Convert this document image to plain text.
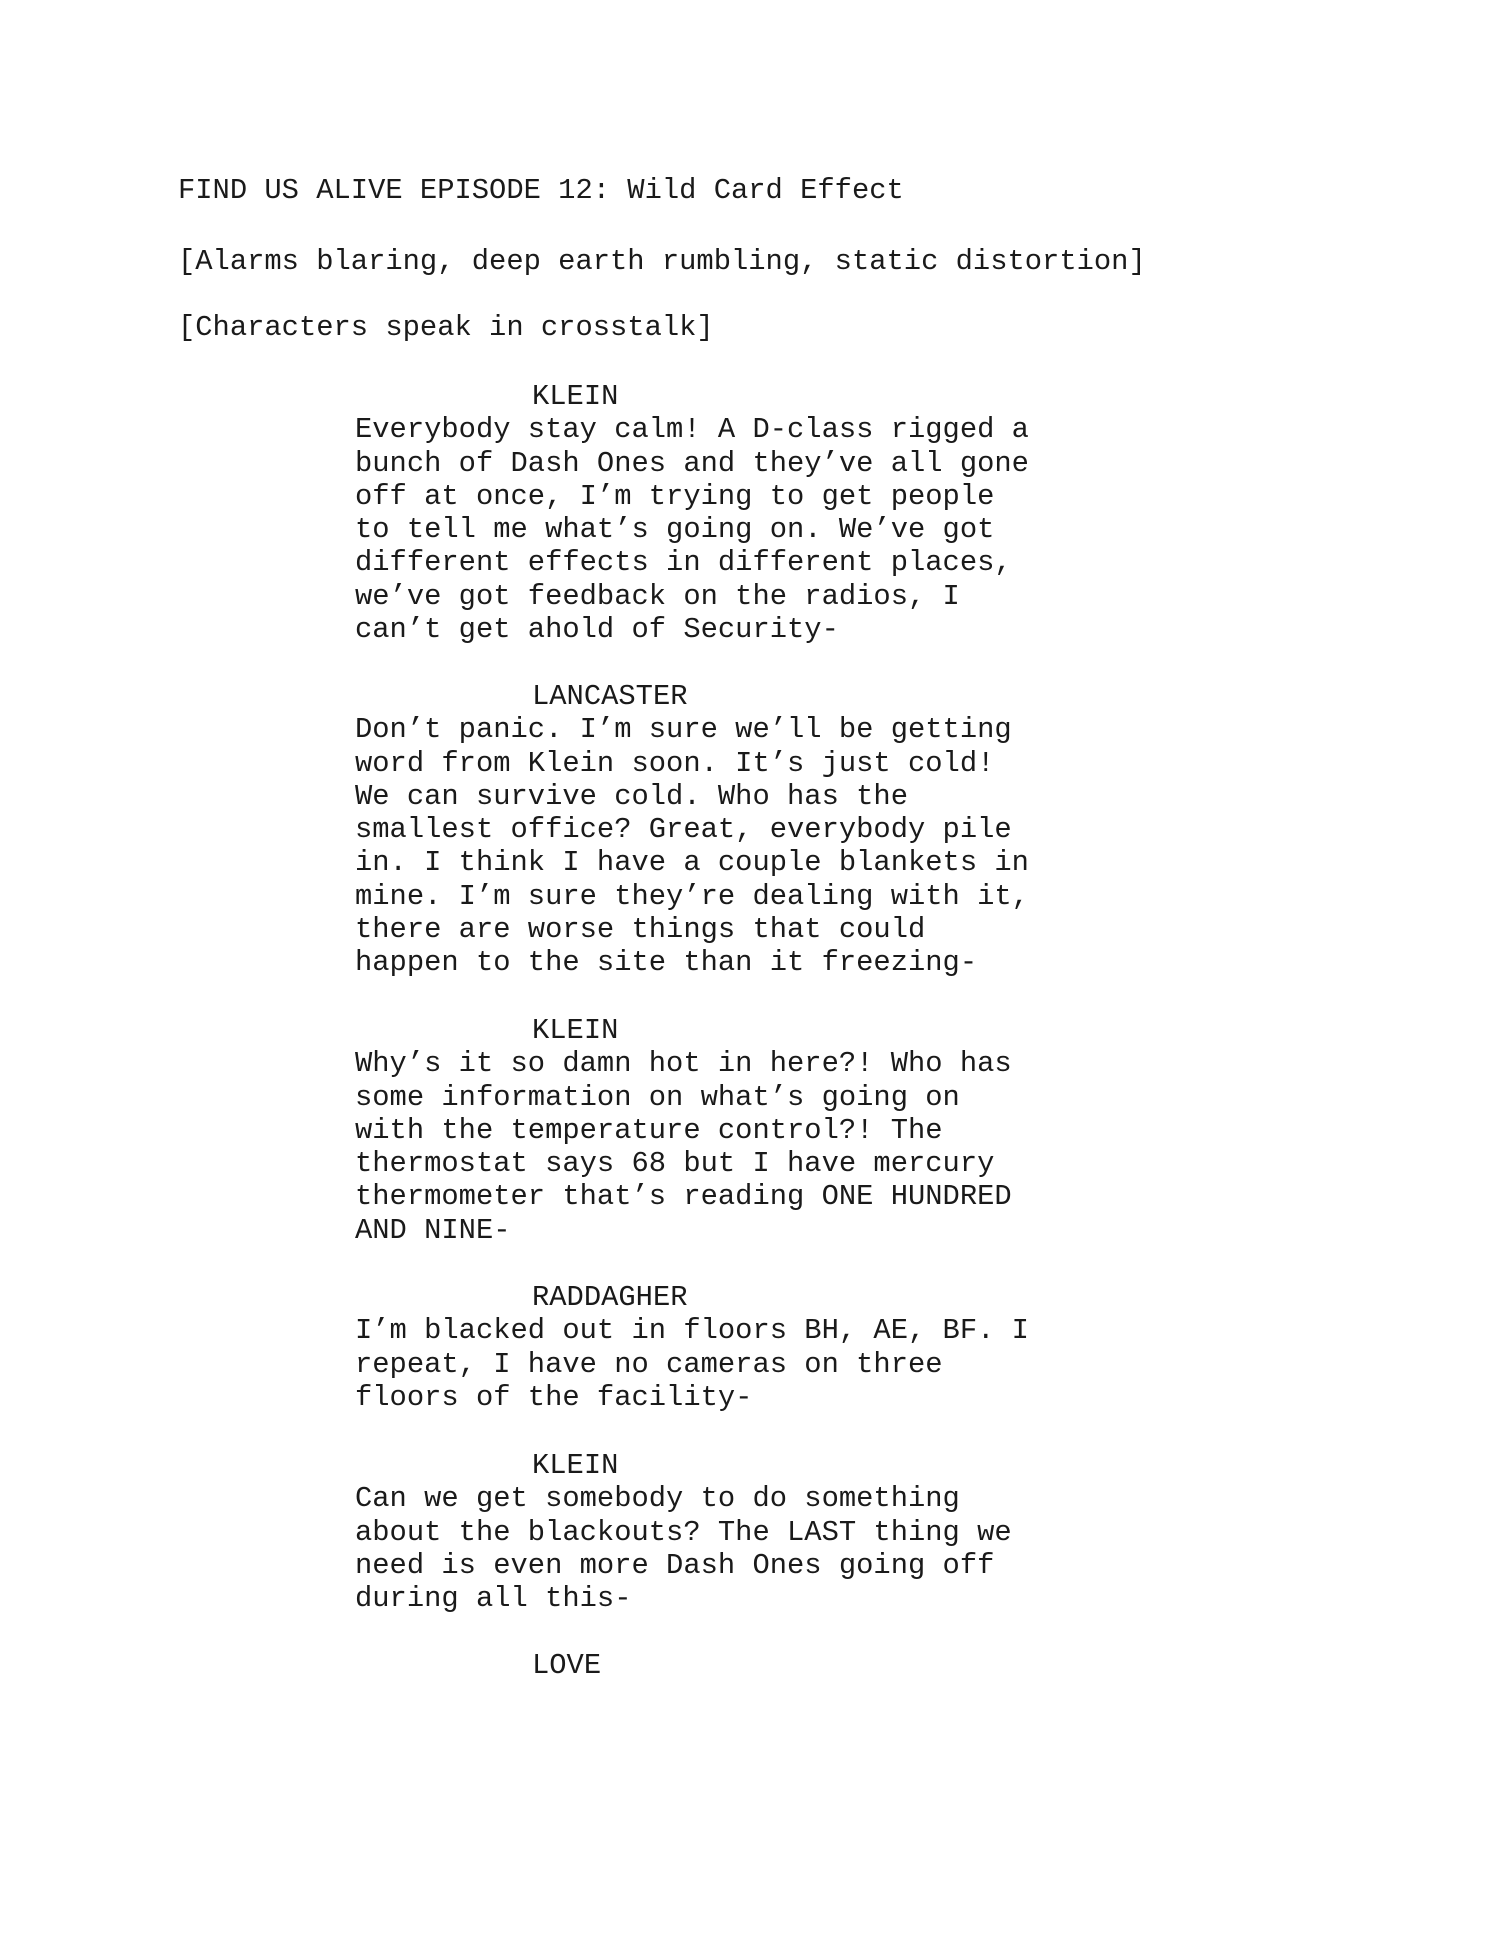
FIND US ALIVE EPISODE 12: Wild Card Effect
[Alarms blaring, deep earth rumbling, static distortion]
[Characters speak in crosstalk]
KLEIN
Everybody stay calm! A D-class rigged a
bunch of Dash Ones and they’ve all gone
off at once, I’m trying to get people
to tell me what’s going on. We’ve got
different effects in different places,
we’ve got feedback on the radios, I
can’t get ahold of Security-
LANCASTER
Don’t panic. I’m sure we’ll be getting
word from Klein soon. It’s just cold!
We can survive cold. Who has the
smallest office? Great, everybody pile
in. I think I have a couple blankets in
mine. I’m sure they’re dealing with it,
there are worse things that could
happen to the site than it freezing-
KLEIN
Why’s it so damn hot in here?! Who has
some information on what’s going on
with the temperature control?! The
thermostat says 68 but I have mercury
thermometer that’s reading ONE HUNDRED
AND NINE-
RADDAGHER
I’m blacked out in floors BH, AE, BF. I
repeat, I have no cameras on three
floors of the facility-
KLEIN
Can we get somebody to do something
about the blackouts? The LAST thing we
need is even more Dash Ones going off
during all this-
LOVE
